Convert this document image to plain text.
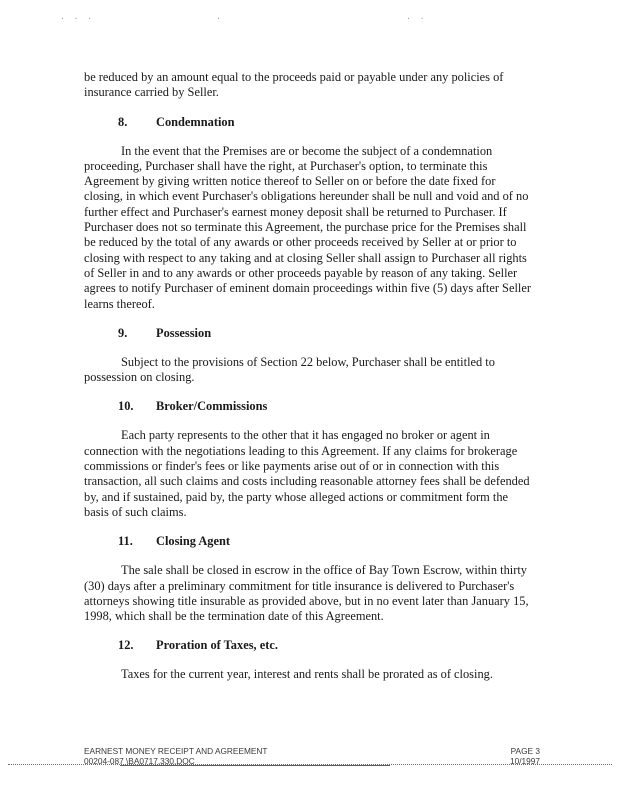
· · ·	·	· ·

be reduced by an amount equal to the proceeds paid or payable under any policies of insurance carried by Seller.

8. Condemnation

In the event that the Premises are or become the subject of a condemnation proceeding, Purchaser shall have the right, at Purchaser's option, to terminate this Agreement by giving written notice thereof to Seller on or before the date fixed for closing, in which event Purchaser's obligations hereunder shall be null and void and of no further effect and Purchaser's earnest money deposit shall be returned to Purchaser. If Purchaser does not so terminate this Agreement, the purchase price for the Premises shall be reduced by the total of any awards or other proceeds received by Seller at or prior to closing with respect to any taking and at closing Seller shall assign to Purchaser all rights of Seller in and to any awards or other proceeds payable by reason of any taking. Seller agrees to notify Purchaser of eminent domain proceedings within five (5) days after Seller learns thereof.

9. Possession

Subject to the provisions of Section 22 below, Purchaser shall be entitled to possession on closing.

10. Broker/Commissions

Each party represents to the other that it has engaged no broker or agent in connection with the negotiations leading to this Agreement. If any claims for brokerage commissions or finder's fees or like payments arise out of or in connection with this transaction, all such claims and costs including reasonable attorney fees shall be defended by, and if sustained, paid by, the party whose alleged actions or commitment form the basis of such claims.

11. Closing Agent

The sale shall be closed in escrow in the office of Bay Town Escrow, within thirty (30) days after a preliminary commitment for title insurance is delivered to Purchaser's attorneys showing title insurable as provided above, but in no event later than January 15, 1998, which shall be the termination date of this Agreement.

12. Proration of Taxes, etc.

Taxes for the current year, interest and rents shall be prorated as of closing.

EARNEST MONEY RECEIPT AND AGREEMENT	PAGE 3
00204-087 \BA0717.330.DOC	10/1997
